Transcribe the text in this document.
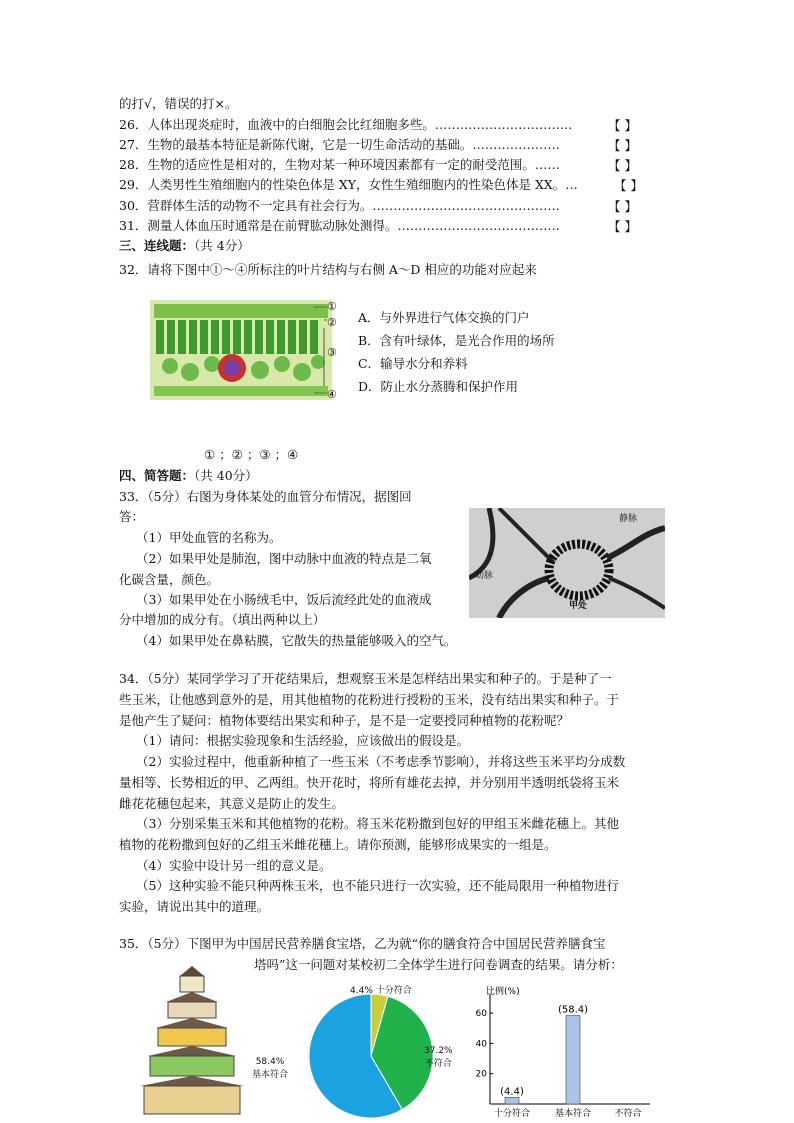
的打√，错误的打×。
26．人体出现炎症时，血液中的白细胞会比红细胞多些。……………………………	【 】
27．生物的最基本特征是新陈代谢，它是一切生命活动的基础。…………………	【 】
28．生物的适应性是相对的，生物对某一种环境因素都有一定的耐受范围。……	【 】
29．人类男性生殖细胞内的性染色体是 XY，女性生殖细胞内的性染色体是 XX。…	【 】
30．营群体生活的动物不一定具有社会行为。………………………………………	【 】
31．测量人体血压时通常是在前臂肱动脉处测得。…………………………………	【 】
三、连线题：（共 4分）
32．请将下图中①～④所标注的叶片结构与右侧 A～D 相应的功能对应起来
①
②
③
④
A．与外界进行气体交换的门户
B．含有叶绿体，是光合作用的场所
C．输导水分和养料
D．防止水分蒸腾和保护作用
① ；② ；③ ；④
四、简答题：（共 40分）
33．（5分）右图为身体某处的血管分布情况，据图回
答：
（1）甲处血管的名称为。
（2）如果甲处是肺泡，图中动脉中血液的特点是二氧
化碳含量，颜色。
（3）如果甲处在小肠绒毛中，饭后流经此处的血液成
分中增加的成分有。（填出两种以上）
（4）如果甲处在鼻粘膜，它散失的热量能够吸入的空气。
静脉
动脉
甲处
34．（5分）某同学学习了开花结果后，想观察玉米是怎样结出果实和种子的。于是种了一
些玉米，让他感到意外的是，用其他植物的花粉进行授粉的玉米，没有结出果实和种子。于
是他产生了疑问：植物体要结出果实和种子，是不是一定要授同种植物的花粉呢？
（1）请问：根据实验现象和生活经验，应该做出的假设是。
（2）实验过程中，他重新种植了一些玉米（不考虑季节影响），并将这些玉米平均分成数
量相等、长势相近的甲、乙两组。快开花时，将所有雄花去掉，并分别用半透明纸袋将玉米
雌花花穗包起来，其意义是防止的发生。
（3）分别采集玉米和其他植物的花粉。将玉米花粉撒到包好的甲组玉米雌花穗上。其他
植物的花粉撒到包好的乙组玉米雌花穗上。请你预测，能够形成果实的一组是。
（4）实验中设计另一组的意义是。
（5）这种实验不能只种两株玉米，也不能只进行一次实验，还不能局限用一种植物进行
实验，请说出其中的道理。
35．（5分）下图甲为中国居民营养膳食宝塔，乙为就“你的膳食符合中国居民营养膳食宝
塔吗”这一问题对某校初二全体学生进行问卷调查的结果。请分析：
4.4% 十分符合
37.2%
不符合
58.4%
基本符合
比例(%)
60
40
20
(4.4)
十分符合
(58.4)
基本符合	不符合
